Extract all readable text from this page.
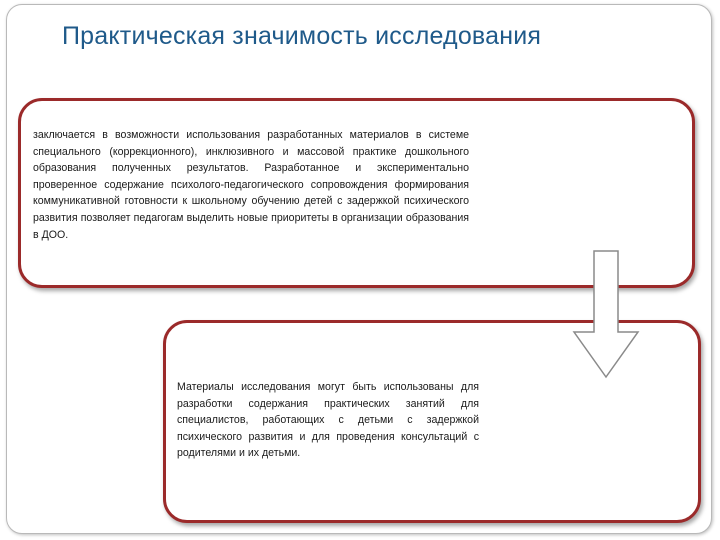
Практическая значимость исследования
заключается в возможности использования разработанных материалов в системе специального (коррекционного), инклюзивного и массовой практике дошкольного образования полученных результатов. Разработанное и экспериментально проверенное содержание психолого-педагогического сопровождения формирования коммуникативной готовности к школьному обучению детей с задержкой психического развития позволяет педагогам выделить новые приоритеты в организации образования в ДОО.
Материалы исследования могут быть использованы для разработки содержания практических занятий для специалистов, работающих с детьми с задержкой психического развития и для проведения консультаций с родителями и их детьми.
